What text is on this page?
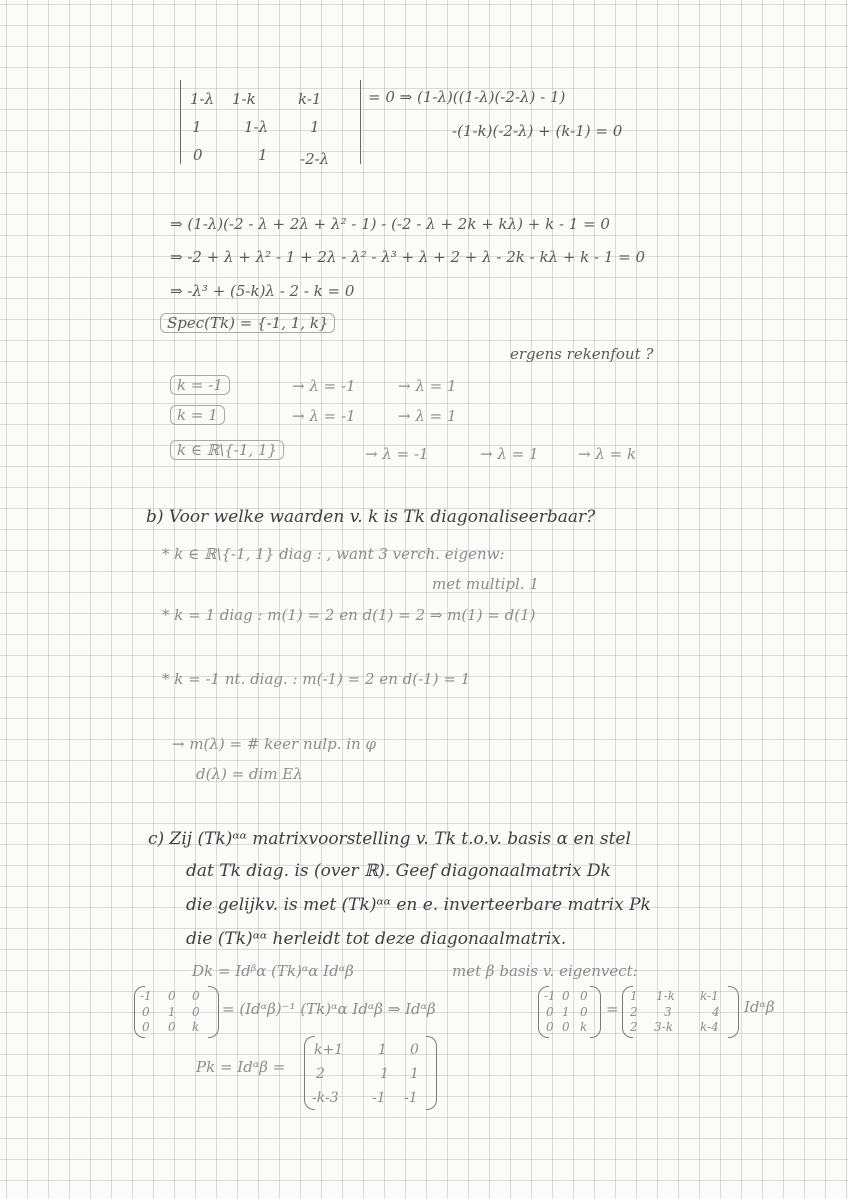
1-λ 1-k	k-1
1	1-λ	1
0	1 -2-λ
= 0 ⇒ (1-λ)((1-λ)(-2-λ) - 1)
-(1-k)(-2-λ) + (k-1) = 0
⇒ (1-λ)(-2 - λ + 2λ + λ² - 1) - (-2 - λ + 2k + kλ) + k - 1 = 0
⇒ -2 + λ + λ² - 1 + 2λ - λ² - λ³ + λ + 2 + λ - 2k - kλ + k - 1 = 0
⇒ -λ³ + (5-k)λ - 2 - k = 0
Spec(Tk) = {-1, 1, k}
ergens rekenfout ?
k = -1	→ λ = -1	→ λ = 1
k = 1	→ λ = -1	→ λ = 1
k ∈ ℝ\{-1, 1}	→ λ = -1	→ λ = 1	→ λ = k
b) Voor welke waarden v. k is Tk diagonaliseerbaar?
* k ∈ ℝ\{-1, 1} diag : , want 3 verch. eigenw:
met multipl. 1
* k = 1 diag : m(1) = 2 en d(1) = 2 ⇒ m(1) = d(1)
* k = -1 nt. diag. : m(-1) = 2 en d(-1) = 1
→ m(λ) = # keer nulp. in φ
d(λ) = dim Eλ
c) Zij (Tk)ᵅᵅ matrixvoorstelling v. Tk t.o.v. basis α en stel
dat Tk diag. is (over ℝ). Geef diagonaalmatrix Dk
die gelijkv. is met (Tk)ᵅᵅ en e. inverteerbare matrix Pk
die (Tk)ᵅᵅ herleidt tot deze diagonaalmatrix.
Dk = Idᵝα (Tk)ᵅα Idᵅβ	met β basis v. eigenvect:
-1 0 0
0 1 0
0 0 k
= (Idᵅβ)⁻¹ (Tk)ᵅα Idᵅβ ⇒ Idᵅβ
-1 0 0
0 1 0
0 0 k
=
1 1-k k-1
2 3	4
2 3-k k-4
Idᵅβ
Pk = Idᵅβ =
k+1 1 0
2	1 1
-k-3 -1 -1
